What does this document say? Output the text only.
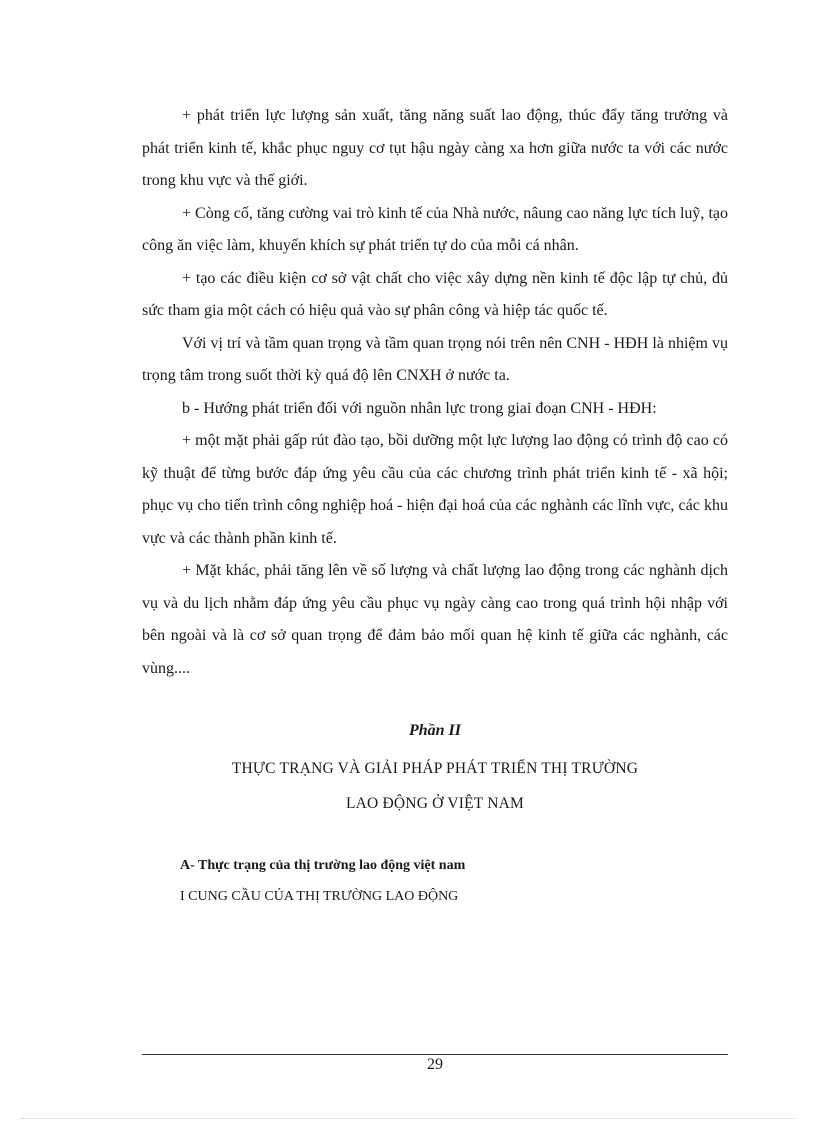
+ phát triển lực lượng sản xuất, tăng năng suất lao động, thúc đẩy tăng trưởng và phát triển kinh tế, khắc phục nguy cơ tụt hậu ngày càng xa hơn giữa nước ta với các nước trong khu vực và thế giới.

+ Còng cố, tăng cường vai trò kinh tế của Nhà nước, nâung cao năng lực tích luỹ, tạo công ăn việc làm, khuyến khích sự phát triển tự do của mỗi cá nhân.

+ tạo các điều kiện cơ sở vật chất cho việc xây dựng nền kinh tế độc lập tự chủ, đủ sức tham gia một cách có hiệu quả vào sự phân công và hiệp tác quốc tế.

Với vị trí và tầm quan trọng và tầm quan trọng nói trên nên CNH - HĐH là nhiệm vụ trọng tâm trong suốt thời kỳ quá độ lên CNXH ở nước ta.

b - Hướng phát triển đối với nguồn nhân lực trong giai đoạn CNH - HĐH:

+ một mặt phải gấp rút đào tạo, bồi dưỡng một lực lượng lao động có trình độ cao có kỹ thuật để từng bước đáp ứng yêu cầu của các chương trình phát triển kinh tế - xã hội; phục vụ cho tiến trình công nghiệp hoá - hiện đại hoá của các nghành các lĩnh vực, các khu vực và các thành phần kinh tế.

+ Mặt khác, phải tăng lên về số lượng và chất lượng lao động trong các nghành dịch vụ và du lịch nhằm đáp ứng yêu cầu phục vụ ngày càng cao trong quá trình hội nhập với bên ngoài và là cơ sở quan trọng để đảm bảo mối quan hệ kinh tế giữa các nghành, các vùng....

Phần II
THỰC TRẠNG VÀ GIẢI PHÁP PHÁT TRIỂN THỊ TRƯỜNG
LAO ĐỘNG Ở VIỆT NAM
A- Thực trạng của thị trường lao động việt nam
I CUNG CẦU CỦA THỊ TRƯỜNG LAO ĐỘNG
29
